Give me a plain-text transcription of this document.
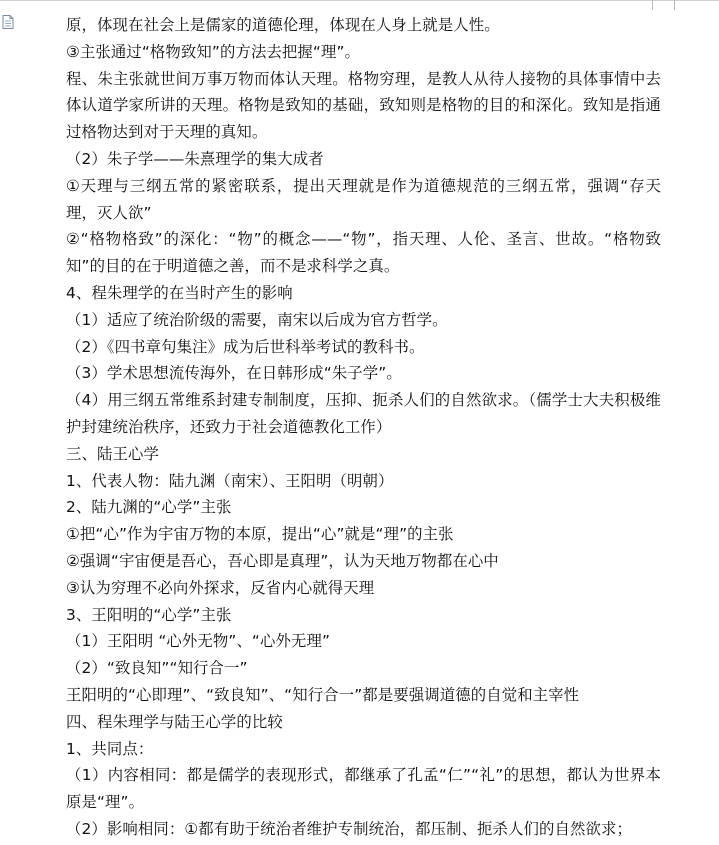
原，体现在社会上是儒家的道德伦理，体现在人身上就是人性。
③主张通过“格物致知”的方法去把握“理”。
程、朱主张就世间万事万物而体认天理。格物穷理，是教人从待人接物的具体事情中去体认道学家所讲的天理。格物是致知的基础，致知则是格物的目的和深化。致知是指通过格物达到对于天理的真知。
（2）朱子学——朱熹理学的集大成者
①天理与三纲五常的紧密联系，提出天理就是作为道德规范的三纲五常，强调“存天理，灭人欲”
②“格物格致”的深化：“物”的概念——“物”，指天理、人伦、圣言、世故。“格物致知”的目的在于明道德之善，而不是求科学之真。
4、程朱理学的在当时产生的影响
（1）适应了统治阶级的需要，南宋以后成为官方哲学。
（2）《四书章句集注》成为后世科举考试的教科书。
（3）学术思想流传海外，在日韩形成“朱子学”。
（4）用三纲五常维系封建专制制度，压抑、扼杀人们的自然欲求。（儒学士大夫积极维护封建统治秩序，还致力于社会道德教化工作）
三、陆王心学
1、代表人物：陆九渊（南宋）、王阳明（明朝）
2、陆九渊的“心学”主张
①把“心”作为宇宙万物的本原，提出“心”就是“理”的主张
②强调“宇宙便是吾心，吾心即是真理”，认为天地万物都在心中
③认为穷理不必向外探求，反省内心就得天理
3、王阳明的“心学”主张
（1）王阳明 “心外无物”、“心外无理”
（2）“致良知”“知行合一”
王阳明的“心即理”、“致良知”、“知行合一”都是要强调道德的自觉和主宰性
四、程朱理学与陆王心学的比较
1、共同点：
（1）内容相同：都是儒学的表现形式，都继承了孔孟“仁”“礼”的思想，都认为世界本原是“理”。
（2）影响相同：①都有助于统治者维护专制统治，都压制、扼杀人们的自然欲求；
